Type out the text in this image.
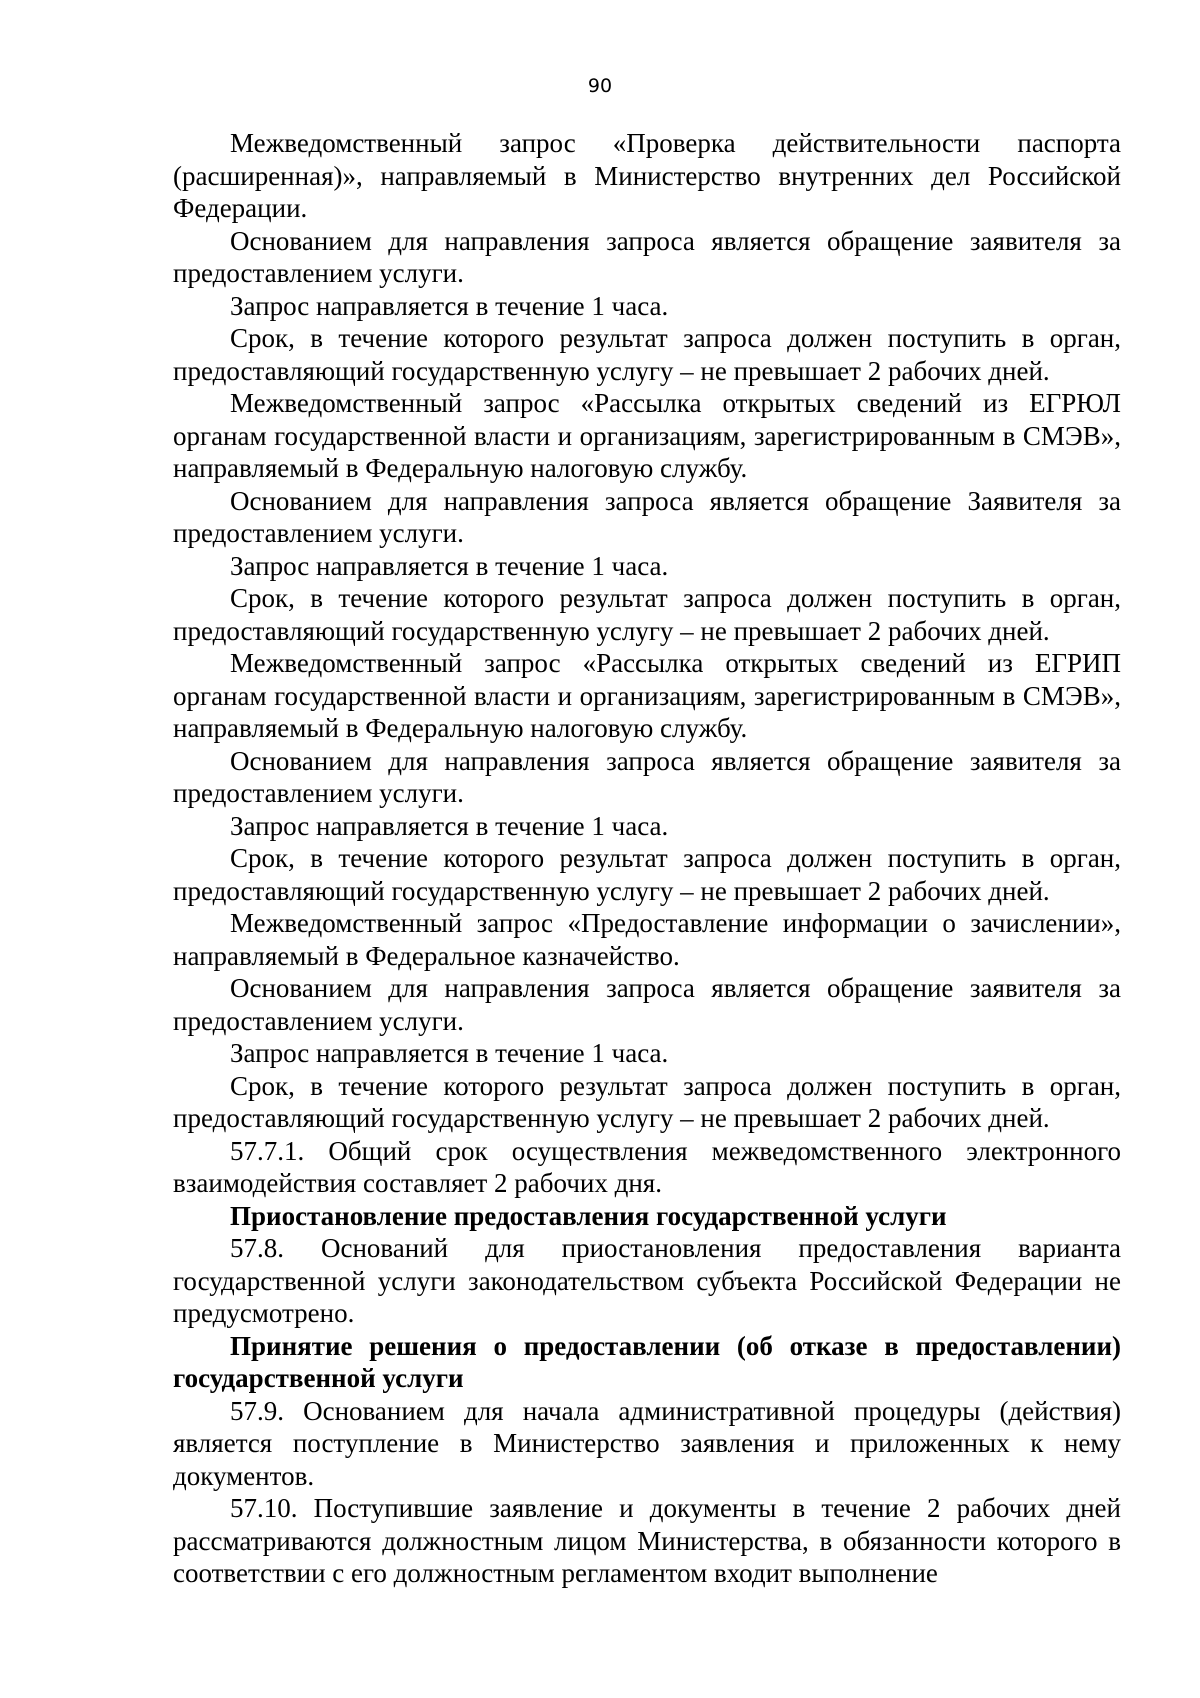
90

Межведомственный запрос «Проверка действительности паспорта (расширенная)», направляемый в Министерство внутренних дел Российской Федерации.

Основанием для направления запроса является обращение заявителя за предоставлением услуги.

Запрос направляется в течение 1 часа.

Срок, в течение которого результат запроса должен поступить в орган, предоставляющий государственную услугу – не превышает 2 рабочих дней.

Межведомственный запрос «Рассылка открытых сведений из ЕГРЮЛ органам государственной власти и организациям, зарегистрированным в СМЭВ», направляемый в Федеральную налоговую службу.

Основанием для направления запроса является обращение Заявителя за предоставлением услуги.

Запрос направляется в течение 1 часа.

Срок, в течение которого результат запроса должен поступить в орган, предоставляющий государственную услугу – не превышает 2 рабочих дней.

Межведомственный запрос «Рассылка открытых сведений из ЕГРИП органам государственной власти и организациям, зарегистрированным в СМЭВ», направляемый в Федеральную налоговую службу.

Основанием для направления запроса является обращение заявителя за предоставлением услуги.

Запрос направляется в течение 1 часа.

Срок, в течение которого результат запроса должен поступить в орган, предоставляющий государственную услугу – не превышает 2 рабочих дней.

Межведомственный запрос «Предоставление информации о зачислении», направляемый в Федеральное казначейство.

Основанием для направления запроса является обращение заявителя за предоставлением услуги.

Запрос направляется в течение 1 часа.

Срок, в течение которого результат запроса должен поступить в орган, предоставляющий государственную услугу – не превышает 2 рабочих дней.

57.7.1. Общий срок осуществления межведомственного электронного взаимодействия составляет 2 рабочих дня.

Приостановление предоставления государственной услуги

57.8. Оснований для приостановления предоставления варианта государственной услуги законодательством субъекта Российской Федерации не предусмотрено.

Принятие решения о предоставлении (об отказе в предоставлении) государственной услуги

57.9. Основанием для начала административной процедуры (действия) является поступление в Министерство заявления и приложенных к нему документов.

57.10. Поступившие заявление и документы в течение 2 рабочих дней рассматриваются должностным лицом Министерства, в обязанности которого в соответствии с его должностным регламентом входит выполнение
